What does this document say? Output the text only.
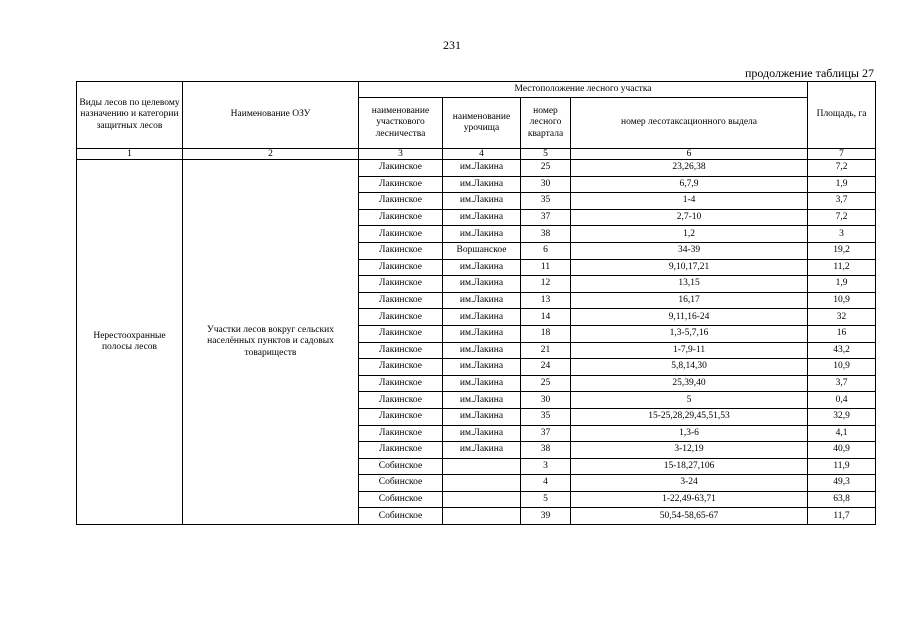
231
продолжение таблицы 27
Виды лесов по целевому назначению и категории защитных лесов	Наименование ОЗУ	Местоположение лесного участка				Площадь, га
		наименование участкового лесничества	наименование урочища	номер лесного квартала	номер лесотаксационного выдела	
1	2	3	4	5	6	7
Нерестоохранные полосы лесов	Участки лесов вокруг сельских населённых пунктов и садовых товариществ	Лакинское	им.Лакина	25	23,26,38	7,2
		Лакинское	им.Лакина	30	6,7,9	1,9
		Лакинское	им.Лакина	35	1-4	3,7
		Лакинское	им.Лакина	37	2,7-10	7,2
		Лакинское	им.Лакина	38	1,2	3
		Лакинское	Воршанское	6	34-39	19,2
		Лакинское	им.Лакина	11	9,10,17,21	11,2
		Лакинское	им.Лакина	12	13,15	1,9
		Лакинское	им.Лакина	13	16,17	10,9
		Лакинское	им.Лакина	14	9,11,16-24	32
		Лакинское	им.Лакина	18	1,3-5,7,16	16
		Лакинское	им.Лакина	21	1-7,9-11	43,2
		Лакинское	им.Лакина	24	5,8,14,30	10,9
		Лакинское	им.Лакина	25	25,39,40	3,7
		Лакинское	им.Лакина	30	5	0,4
		Лакинское	им.Лакина	35	15-25,28,29,45,51,53	32,9
		Лакинское	им.Лакина	37	1,3-6	4,1
		Лакинское	им.Лакина	38	3-12,19	40,9
		Собинское		3	15-18,27,106	11,9
		Собинское		4	3-24	49,3
		Собинское		5	1-22,49-63,71	63,8
		Собинское		39	50,54-58,65-67	11,7
